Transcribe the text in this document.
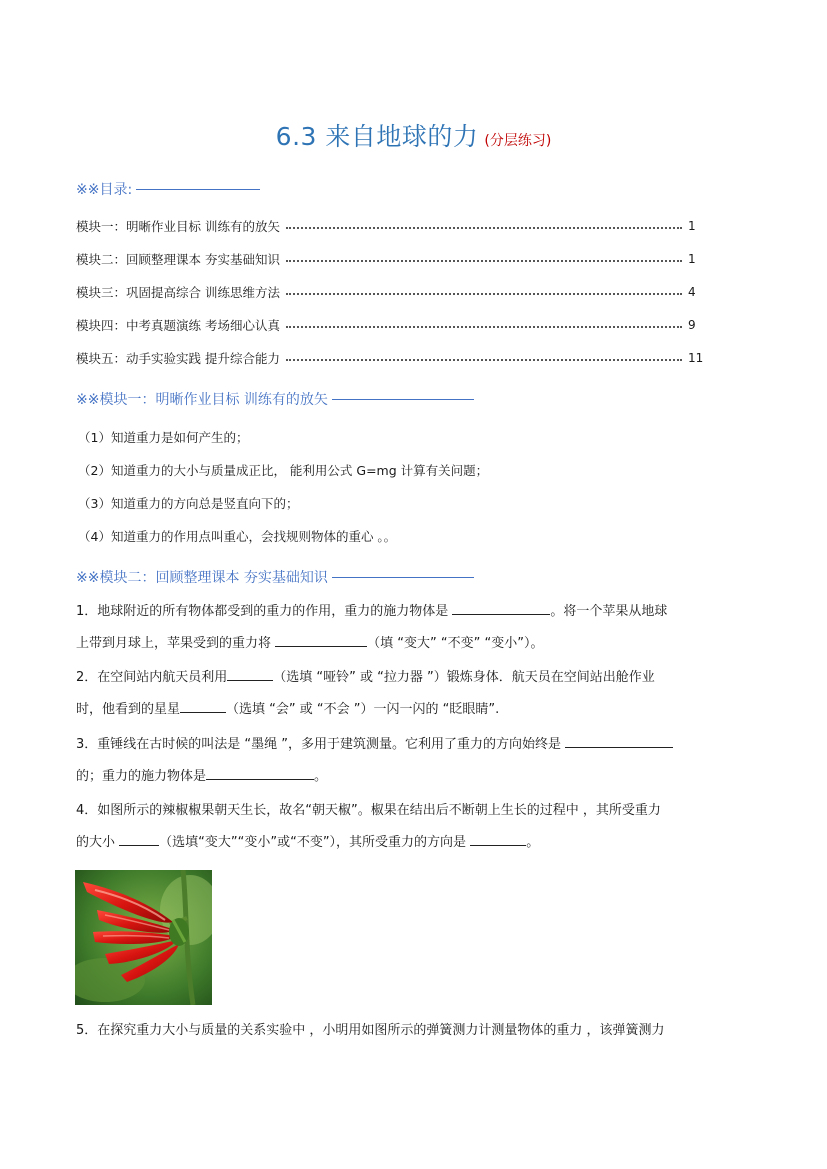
6.3 来自地球的力 (分层练习)
※※目录:
模块一：明晰作业目标 训练有的放矢	1
模块二：回顾整理课本 夯实基础知识	1
模块三：巩固提高综合 训练思维方法	4
模块四：中考真题演练 考场细心认真	9
模块五：动手实验实践 提升综合能力	11
※※模块一：明晰作业目标 训练有的放矢
（1）知道重力是如何产生的；
（2）知道重力的大小与质量成正比， 能利用公式 G=mg 计算有关问题；
（3）知道重力的方向总是竖直向下的；
（4）知道重力的作用点叫重心，会找规则物体的重心 。。
※※模块二：回顾整理课本 夯实基础知识
1．地球附近的所有物体都受到的重力的作用，重力的施力物体是	。将一个苹果从地球
上带到月球上，苹果受到的重力将	（填 “变大” “不变” “变小”）。
2．在空间站内航天员利用	（选填 “哑铃” 或 “拉力器 ”）锻炼身体．航天员在空间站出舱作业
时，他看到的星星	（选填 “会” 或 “不会 ”）一闪一闪的 “眨眼睛”.
3．重锤线在古时候的叫法是 “墨绳 ”，多用于建筑测量。它利用了重力的方向始终是
的；重力的施力物体是	。
4．如图所示的辣椒椒果朝天生长，故名“朝天椒”。椒果在结出后不断朝上生长的过程中 ，其所受重力
的大小	（选填“变大”“变小”或“不变”），其所受重力的方向是	。
5．在探究重力大小与质量的关系实验中 ，小明用如图所示的弹簧测力计测量物体的重力 ，该弹簧测力
